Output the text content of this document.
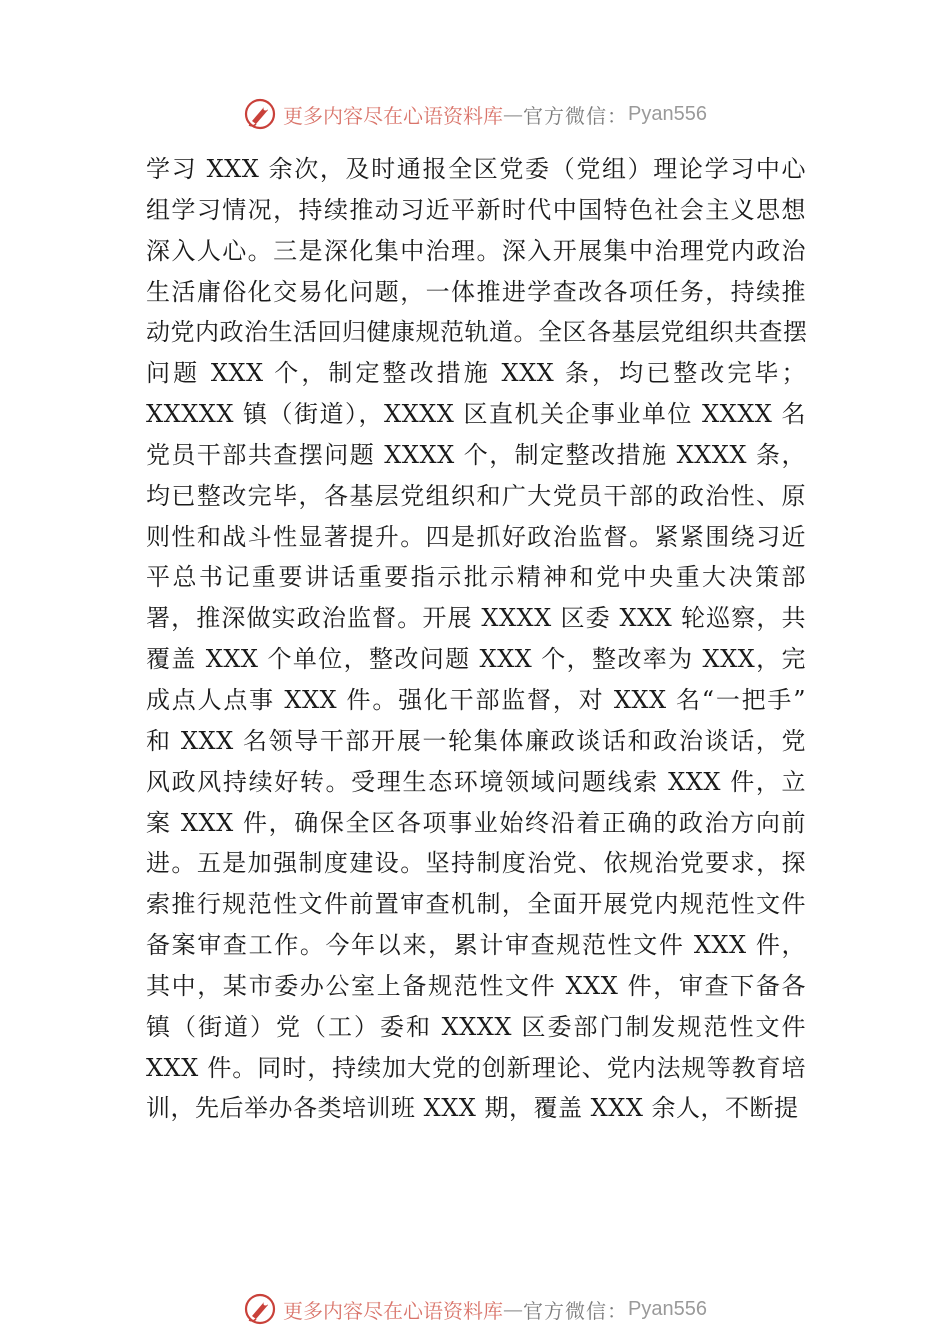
更多内容尽在心语资料库 — 官方微信： Pyan556
学习 XXX 余次，及时通报全区党委（党组）理论学习中心
组学习情况，持续推动习近平新时代中国特色社会主义思想
深入人心。三是深化集中治理。深入开展集中治理党内政治
生活庸俗化交易化问题，一体推进学查改各项任务，持续推
动党内政治生活回归健康规范轨道。全区各基层党组织共查摆
问题 XXX 个，制定整改措施 XXX 条，均已整改完毕；
XXXXX 镇（街道），XXXX 区直机关企事业单位 XXXX 名
党员干部共查摆问题 XXXX 个，制定整改措施 XXXX 条，
均已整改完毕，各基层党组织和广大党员干部的政治性、原
则性和战斗性显著提升。四是抓好政治监督。紧紧围绕习近
平总书记重要讲话重要指示批示精神和党中央重大决策部
署，推深做实政治监督。开展 XXXX 区委 XXX 轮巡察，共
覆盖 XXX 个单位，整改问题 XXX 个，整改率为 XXX，完
成点人点事 XXX 件。强化干部监督，对 XXX 名“一把手”
和 XXX 名领导干部开展一轮集体廉政谈话和政治谈话，党
风政风持续好转。受理生态环境领域问题线索 XXX 件，立
案 XXX 件，确保全区各项事业始终沿着正确的政治方向前
进。五是加强制度建设。坚持制度治党、依规治党要求，探
索推行规范性文件前置审查机制，全面开展党内规范性文件
备案审查工作。今年以来，累计审查规范性文件 XXX 件，
其中，某市委办公室上备规范性文件 XXX 件，审查下备各
镇（街道）党（工）委和 XXXX 区委部门制发规范性文件
XXX 件。同时，持续加大党的创新理论、党内法规等教育培
训，先后举办各类培训班 XXX 期，覆盖 XXX 余人，不断提
更多内容尽在心语资料库 — 官方微信： Pyan556
